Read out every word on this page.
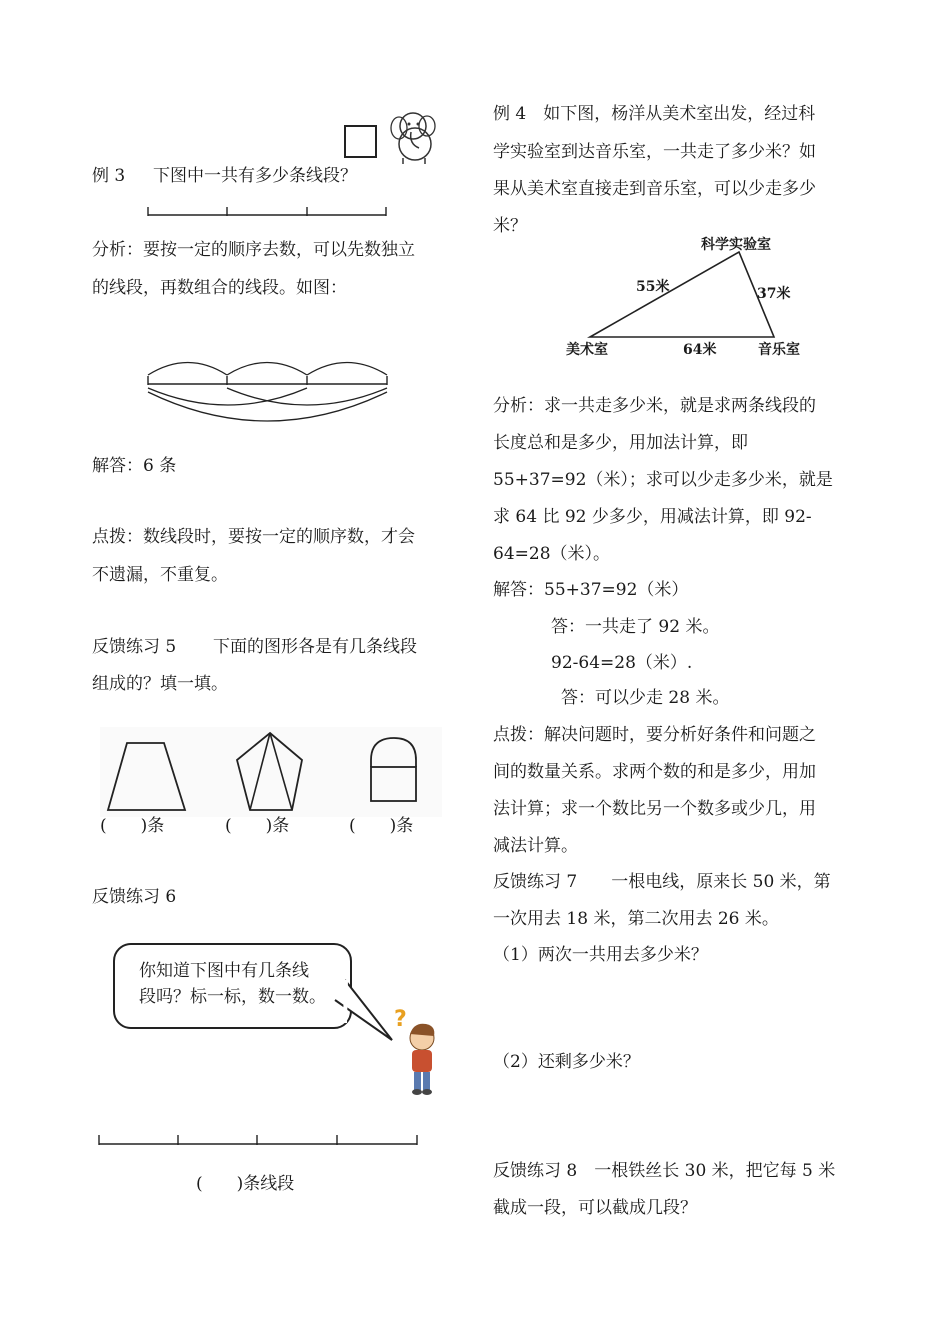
例 3 下图中一共有多少条线段？
分析：要按一定的顺序去数，可以先数独立
的线段，再数组合的线段。如图：
解答：6 条
点拨：数线段时，要按一定的顺序数，才会
不遗漏，不重复。
反馈练习 5 下面的图形各是有几条线段
组成的？填一填。
(　　)条	(　　)条	(　　)条
反馈练习 6
你知道下图中有几条线
段吗？标一标，数一数。
?
(　　)条线段
例 4　如下图，杨洋从美术室出发，经过科
学实验室到达音乐室，一共走了多少米？如
果从美术室直接走到音乐室，可以少走多少
米？
科学实验室
55米	37米
美术室	64米	音乐室
分析：求一共走多少米，就是求两条线段的
长度总和是多少，用加法计算，即
55+37=92（米）；求可以少走多少米，就是
求 64 比 92 少多少，用减法计算，即 92-
64=28（米）。
解答：55+37=92（米）
答：一共走了 92 米。
92-64=28（米）.
答：可以少走 28 米。
点拨：解决问题时，要分析好条件和问题之
间的数量关系。求两个数的和是多少，用加
法计算；求一个数比另一个数多或少几，用
减法计算。
反馈练习 7　　一根电线，原来长 50 米，第
一次用去 18 米，第二次用去 26 米。
（1）两次一共用去多少米？
（2）还剩多少米？
反馈练习 8　一根铁丝长 30 米，把它每 5 米
截成一段，可以截成几段？
